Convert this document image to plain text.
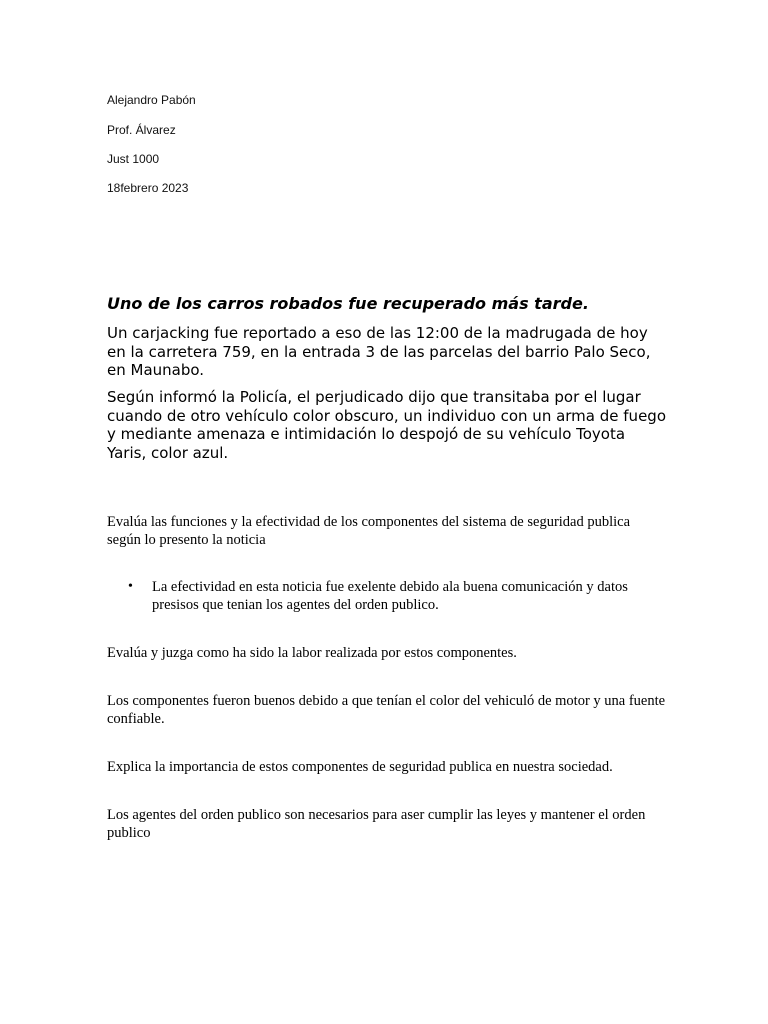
Alejandro Pabón
Prof. Álvarez
Just 1000
18febrero 2023
Uno de los carros robados fue recuperado más tarde.
Un carjacking fue reportado a eso de las 12:00 de la madrugada de hoy en la carretera 759, en la entrada 3 de las parcelas del barrio Palo Seco, en Maunabo.
Según informó la Policía, el perjudicado dijo que transitaba por el lugar cuando de otro vehículo color obscuro, un individuo con un arma de fuego y mediante amenaza e intimidación lo despojó de su vehículo Toyota Yaris, color azul.
Evalúa las funciones y la efectividad de los componentes del sistema de seguridad publica según lo presento la noticia
• La efectividad en esta noticia fue exelente debido ala buena comunicación y datos presisos que tenian los agentes del orden publico.
Evalúa y juzga como ha sido la labor realizada por estos componentes.
Los componentes fueron buenos debido a que tenían el color del vehiculó de motor y una fuente confiable.
Explica la importancia de estos componentes de seguridad publica en nuestra sociedad.
Los agentes del orden publico son necesarios para aser cumplir las leyes y mantener el orden publico
